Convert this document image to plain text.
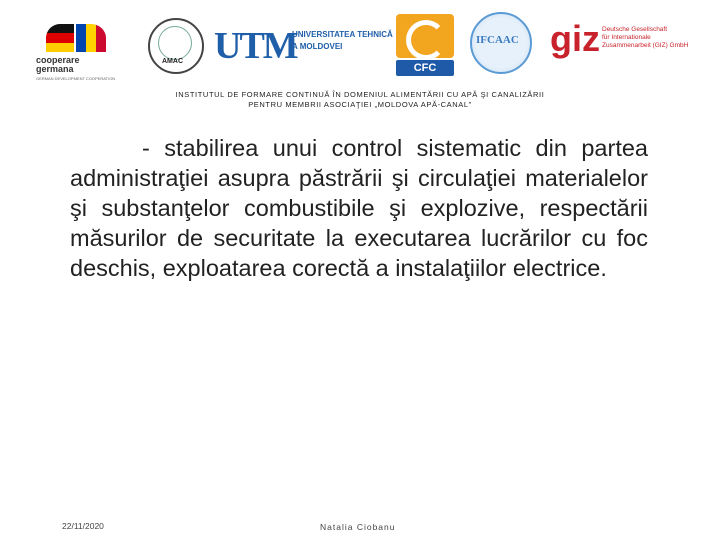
cooperare
germana
GERMAN DEVELOPMENT COOPERATION
AMAC UTM
UNIVERSITATEA TEHNICĂ
A MOLDOVEI
CFC
IFCAAC giz Deutsche Gesellschaft
für Internationale
Zusammenarbeit (GIZ) GmbH
INSTITUTUL DE FORMARE CONTINUĂ ÎN DOMENIUL ALIMENTĂRII CU APĂ ŞI CANALIZĂRII
PENTRU MEMBRII ASOCIAŢIEI „MOLDOVA APĂ-CANAL”
- stabilirea unui control sistematic din partea administraţiei asupra păstrării şi circulaţiei materialelor şi substanţelor combustibile şi explozive, respectării măsurilor de securitate la executarea lucrărilor cu foc deschis, exploatarea corectă a instalaţiilor electrice.
22/11/2020	Natalia Ciobanu
